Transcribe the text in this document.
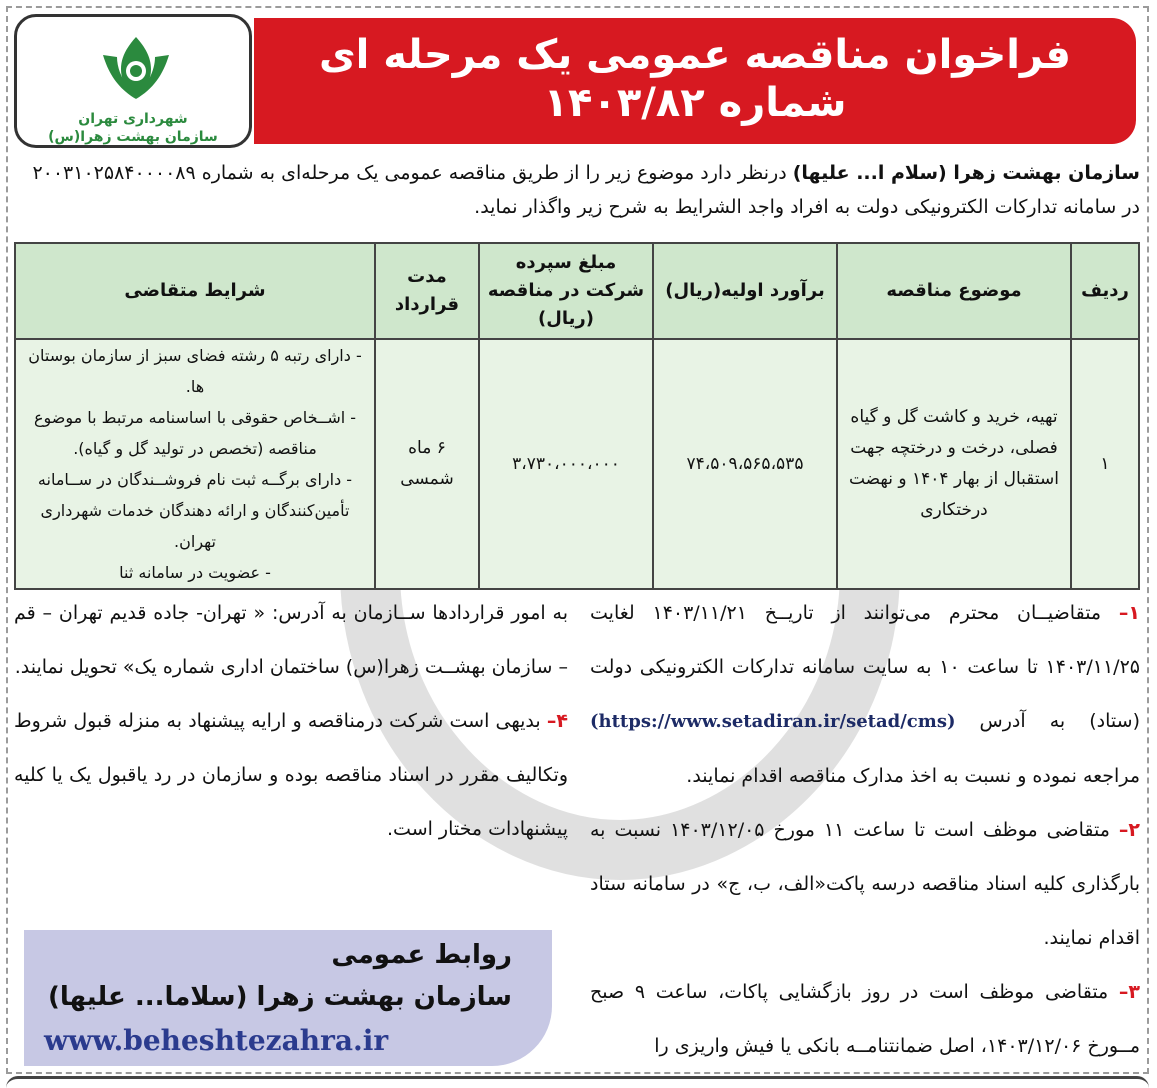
شهرداری تهران
سازمان بهشت زهرا(س)
فراخوان مناقصه عمومی یک مرحله ای
شماره ۱۴۰۳/۸۲
سازمان بهشت زهرا (سلام ا... علیها) درنظر دارد موضوع زیر را از طریق مناقصه عمومی یک مرحله‌ای به شماره ۲۰۰۳۱۰۲۵۸۴۰۰۰۰۸۹
در سامانه تدارکات الکترونیکی دولت به افراد واجد الشرایط به شرح زیر واگذار نماید.
ردیف	موضوع مناقصه	برآورد اولیه(ریال)	مبلغ سپرده شرکت در مناقصه (ریال)	مدت قرارداد	شرایط متقاضی
۱	تهیه، خرید و کاشت گل و گیاه فصلی، درخت و درختچه جهت استقبال از بهار ۱۴۰۴ و نهضت درختکاری	۷۴،۵۰۹،۵۶۵،۵۳۵	۳،۷۳۰،۰۰۰،۰۰۰	۶ ماه شمسی	- دارای رتبه ۵ رشته فضای سبز از سازمان بوستان ها.
- اشــخاص حقوقی با اساسنامه مرتبط با موضوع مناقصه (تخصص در تولید گل و گیاه).
- دارای برگــه ثبت نام فروشــندگان در ســامانه تأمین‌کنندگان و ارائه دهندگان خدمات شهرداری تهران.
- عضویت در سامانه ثنا
۱– متقاضیــان محترم می‌توانند از تاریــخ ۱۴۰۳/۱۱/۲۱ لغایت ۱۴۰۳/۱۱/۲۵ تا ساعت ۱۰ به سایت سامانه تدارکات الکترونیکی دولت (ستاد) به آدرس (https://www.setadiran.ir/setad/cms) مراجعه نموده و نسبت به اخذ مدارک مناقصه اقدام نمایند.
۲– متقاضی موظف است تا ساعت ۱۱ مورخ ۱۴۰۳/۱۲/۰۵ نسبت به بارگذاری کلیه اسناد مناقصه درسه پاکت«الف، ب، ج» در سامانه ستاد اقدام نمایند.
۳– متقاضی موظف است در روز بازگشایی پاکات، ساعت ۹ صبح مــورخ ۱۴۰۳/۱۲/۰۶، اصل ضمانتنامــه بانکی یا فیش واریزی را
به امور قراردادها ســازمان به آدرس: « تهران- جاده قدیم تهران – قم – سازمان بهشــت زهرا(س) ساختمان اداری شماره یک» تحویل نمایند.
۴– بدیهی است شرکت درمناقصه و ارایه پیشنهاد به منزله قبول شروط وتکالیف مقرر در اسناد مناقصه بوده و سازمان در رد یاقبول یک یا کلیه پیشنهادات مختار است.
روابط عمومی
سازمان بهشت زهرا (سلاما... علیها)
www.beheshtezahra.ir
